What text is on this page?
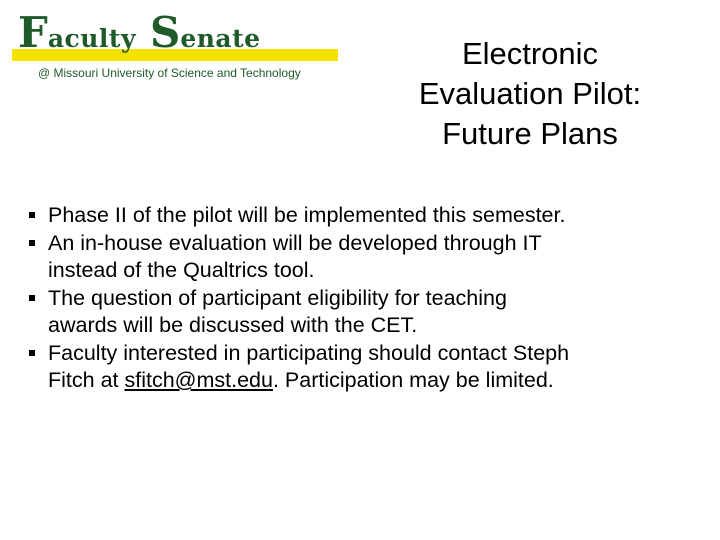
Faculty Senate
@ Missouri University of Science and Technology
Electronic
Evaluation Pilot:
Future Plans
Phase II of the pilot will be implemented this semester.
An in-house evaluation will be developed through IT
instead of the Qualtrics tool.
The question of participant eligibility for teaching
awards will be discussed with the CET.
Faculty interested in participating should contact Steph
Fitch at sfitch@mst.edu. Participation may be limited.
